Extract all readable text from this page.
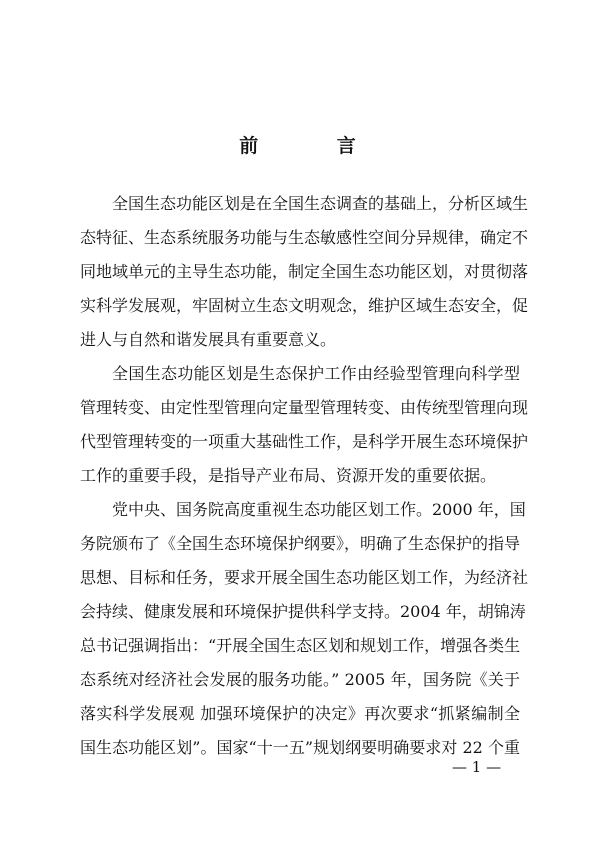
前 言
全国生态功能区划是在全国生态调查的基础上，分析区域生
态特征、生态系统服务功能与生态敏感性空间分异规律，确定不
同地域单元的主导生态功能，制定全国生态功能区划，对贯彻落
实科学发展观，牢固树立生态文明观念，维护区域生态安全，促
进人与自然和谐发展具有重要意义。
全国生态功能区划是生态保护工作由经验型管理向科学型
管理转变、由定性型管理向定量型管理转变、由传统型管理向现
代型管理转变的一项重大基础性工作，是科学开展生态环境保护
工作的重要手段，是指导产业布局、资源开发的重要依据。
党中央、国务院高度重视生态功能区划工作。2000 年，国
务院颁布了《全国生态环境保护纲要》，明确了生态保护的指导
思想、目标和任务，要求开展全国生态功能区划工作，为经济社
会持续、健康发展和环境保护提供科学支持。2004 年，胡锦涛
总书记强调指出：“开展全国生态区划和规划工作，增强各类生
态系统对经济社会发展的服务功能。” 2005 年，国务院《关于
落实科学发展观 加强环境保护的决定》再次要求“抓紧编制全
国生态功能区划”。国家“十一五”规划纲要明确要求对 22 个重
— 1 —
